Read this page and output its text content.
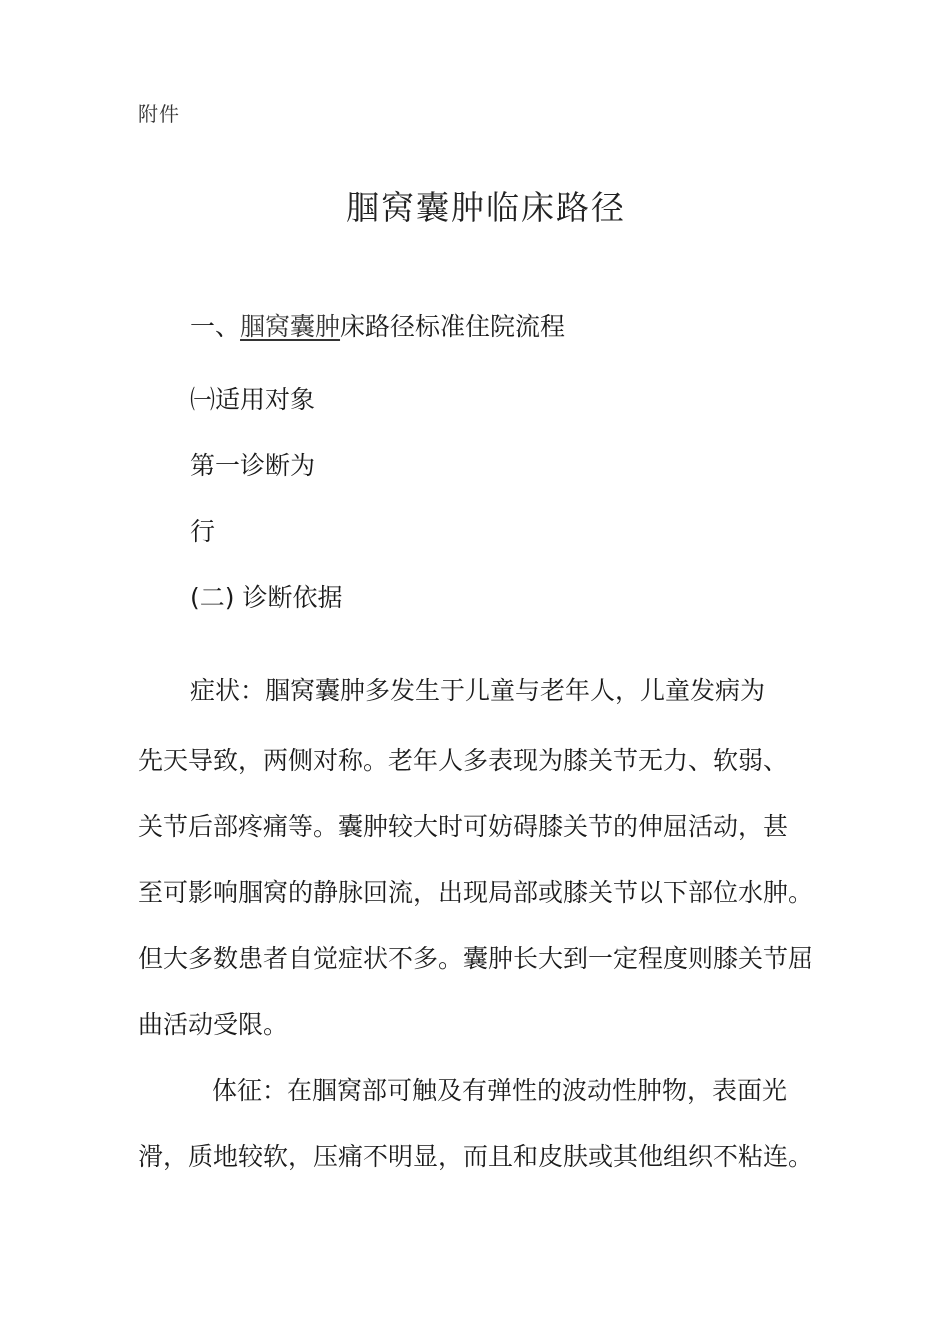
附件
腘窝囊肿临床路径
一、腘窝囊肿床路径标准住院流程
㈠适用对象
第一诊断为
行
(二) 诊断依据
症状：腘窝囊肿多发生于儿童与老年人，儿童发病为
先天导致，两侧对称。老年人多表现为膝关节无力、软弱、
关节后部疼痛等。囊肿较大时可妨碍膝关节的伸屈活动，甚
至可影响腘窝的静脉回流，出现局部或膝关节以下部位水肿。
但大多数患者自觉症状不多。囊肿长大到一定程度则膝关节屈
曲活动受限。
体征：在腘窝部可触及有弹性的波动性肿物，表面光
滑，质地较软，压痛不明显，而且和皮肤或其他组织不粘连。
